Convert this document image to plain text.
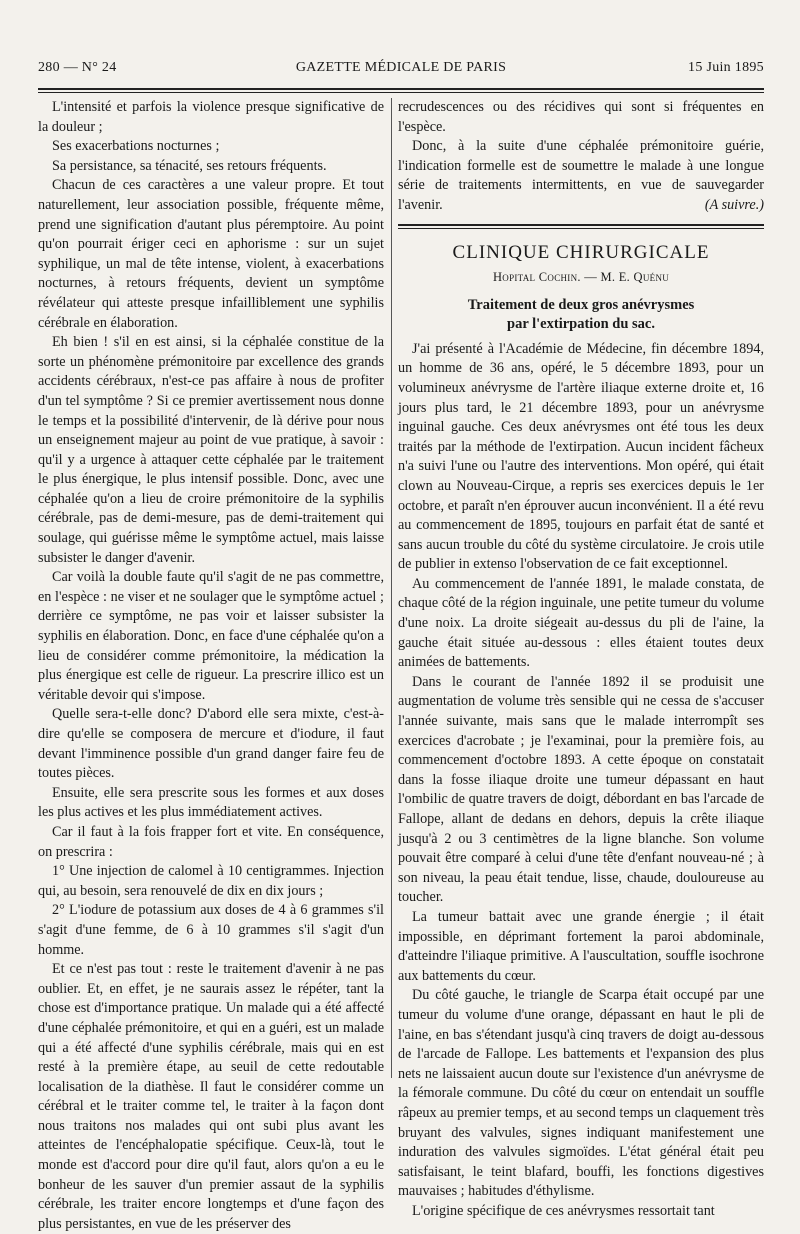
280 — N° 24	GAZETTE MÉDICALE DE PARIS	15 Juin 1895

L'intensité et parfois la violence presque significative de la douleur ;

Ses exacerbations nocturnes ;

Sa persistance, sa ténacité, ses retours fréquents.

Chacun de ces caractères a une valeur propre. Et tout naturellement, leur association possible, fréquente même, prend une signification d'autant plus péremptoire. Au point qu'on pourrait ériger ceci en aphorisme : sur un sujet syphilique, un mal de tête intense, violent, à exacerbations nocturnes, à retours fréquents, devient un symptôme révélateur qui atteste presque infailliblement une syphilis cérébrale en élaboration.

Eh bien ! s'il en est ainsi, si la céphalée constitue de la sorte un phénomène prémonitoire par excellence des grands accidents cérébraux, n'est-ce pas affaire à nous de profiter d'un tel symptôme ? Si ce premier avertissement nous donne le temps et la possibilité d'intervenir, de là dérive pour nous un enseignement majeur au point de vue pratique, à savoir : qu'il y a urgence à attaquer cette céphalée par le traitement le plus énergique, le plus intensif possible. Donc, avec une céphalée qu'on a lieu de croire prémonitoire de la syphilis cérébrale, pas de demi-mesure, pas de demi-traitement qui soulage, qui guérisse même le symptôme actuel, mais laisse subsister le danger d'avenir.

Car voilà la double faute qu'il s'agit de ne pas commettre, en l'espèce : ne viser et ne soulager que le symptôme actuel ; derrière ce symptôme, ne pas voir et laisser subsister la syphilis en élaboration. Donc, en face d'une céphalée qu'on a lieu de considérer comme prémonitoire, la médication la plus énergique est celle de rigueur. La prescrire illico est un véritable devoir qui s'impose.

Quelle sera-t-elle donc? D'abord elle sera mixte, c'est-à-dire qu'elle se composera de mercure et d'iodure, il faut devant l'imminence possible d'un grand danger faire feu de toutes pièces.

Ensuite, elle sera prescrite sous les formes et aux doses les plus actives et les plus immédiatement actives.

Car il faut à la fois frapper fort et vite. En conséquence, on prescrira :

1° Une injection de calomel à 10 centigrammes. Injection qui, au besoin, sera renouvelé de dix en dix jours ;

2° L'iodure de potassium aux doses de 4 à 6 grammes s'il s'agit d'une femme, de 6 à 10 grammes s'il s'agit d'un homme.

Et ce n'est pas tout : reste le traitement d'avenir à ne pas oublier. Et, en effet, je ne saurais assez le répéter, tant la chose est d'importance pratique. Un malade qui a été affecté d'une céphalée prémonitoire, et qui en a guéri, est un malade qui a été affecté d'une syphilis cérébrale, mais qui en est resté à la première étape, au seuil de cette redoutable localisation de la diathèse. Il faut le considérer comme un cérébral et le traiter comme tel, le traiter à la façon dont nous traitons nos malades qui ont subi plus avant les atteintes de l'encéphalopatie spécifique. Ceux-là, tout le monde est d'accord pour dire qu'il faut, alors qu'on a eu le bonheur de les sauver d'un premier assaut de la syphilis cérébrale, les traiter encore longtemps et d'une façon des plus persistantes, en vue de les préserver des

recrudescences ou des récidives qui sont si fréquentes en l'espèce.

Donc, à la suite d'une céphalée prémonitoire guérie, l'indication formelle est de soumettre le malade à une longue série de traitements intermittents, en vue de sauvegarder l'avenir.	(A suivre.)

CLINIQUE CHIRURGICALE
Hopital Cochin. — M. E. Quénu
Traitement de deux gros anévrysmes
par l'extirpation du sac.

J'ai présenté à l'Académie de Médecine, fin décembre 1894, un homme de 36 ans, opéré, le 5 décembre 1893, pour un volumineux anévrysme de l'artère iliaque externe droite et, 16 jours plus tard, le 21 décembre 1893, pour un anévrysme inguinal gauche. Ces deux anévrysmes ont été tous les deux traités par la méthode de l'extirpation. Aucun incident fâcheux n'a suivi l'une ou l'autre des interventions. Mon opéré, qui était clown au Nouveau-Cirque, a repris ses exercices depuis le 1er octobre, et paraît n'en éprouver aucun inconvénient. Il a été revu au commencement de 1895, toujours en parfait état de santé et sans aucun trouble du côté du système circulatoire. Je crois utile de publier in extenso l'observation de ce fait exceptionnel.

Au commencement de l'année 1891, le malade constata, de chaque côté de la région inguinale, une petite tumeur du volume d'une noix. La droite siégeait au-dessus du pli de l'aine, la gauche était située au-dessous : elles étaient toutes deux animées de battements.

Dans le courant de l'année 1892 il se produisit une augmentation de volume très sensible qui ne cessa de s'accuser l'année suivante, mais sans que le malade interrompît ses exercices d'acrobate ; je l'examinai, pour la première fois, au commencement d'octobre 1893. A cette époque on constatait dans la fosse iliaque droite une tumeur dépassant en haut l'ombilic de quatre travers de doigt, débordant en bas l'arcade de Fallope, allant de dedans en dehors, depuis la crête iliaque jusqu'à 2 ou 3 centimètres de la ligne blanche. Son volume pouvait être comparé à celui d'une tête d'enfant nouveau-né ; à son niveau, la peau était tendue, lisse, chaude, douloureuse au toucher.

La tumeur battait avec une grande énergie ; il était impossible, en déprimant fortement la paroi abdominale, d'atteindre l'iliaque primitive. A l'auscultation, souffle isochrone aux battements du cœur.

Du côté gauche, le triangle de Scarpa était occupé par une tumeur du volume d'une orange, dépassant en haut le pli de l'aine, en bas s'étendant jusqu'à cinq travers de doigt au-dessous de l'arcade de Fallope. Les battements et l'expansion des plus nets ne laissaient aucun doute sur l'existence d'un anévrysme de la fémorale commune. Du côté du cœur on entendait un souffle râpeux au premier temps, et au second temps un claquement très bruyant des valvules, signes indiquant manifestement une induration des valvules sigmoïdes. L'état général était peu satisfaisant, le teint blafard, bouffi, les fonctions digestives mauvaises ; habitudes d'éthylisme.

L'origine spécifique de ces anévrysmes ressortait tant
